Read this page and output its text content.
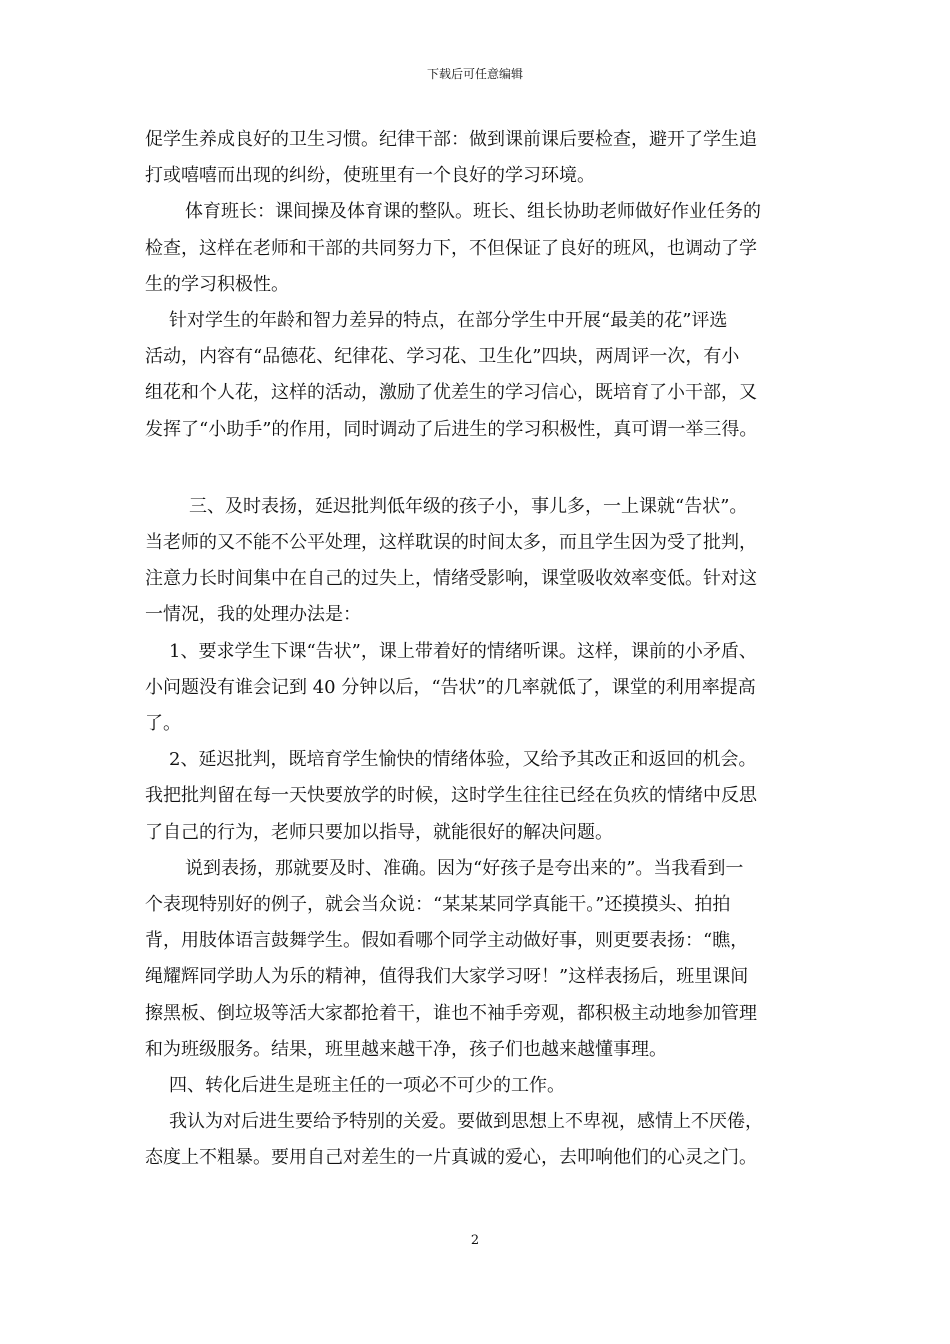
下载后可任意编辑
促学生养成良好的卫生习惯。纪律干部：做到课前课后要检查，避开了学生追
打或嘻嘻而出现的纠纷，使班里有一个良好的学习环境。
体育班长：课间操及体育课的整队。班长、组长协助老师做好作业任务的
检查，这样在老师和干部的共同努力下，不但保证了良好的班风，也调动了学
生的学习积极性。
针对学生的年龄和智力差异的特点，在部分学生中开展“最美的花”评选
活动，内容有“品德花、纪律花、学习花、卫生化”四块，两周评一次，有小
组花和个人花，这样的活动，激励了优差生的学习信心，既培育了小干部，又
发挥了“小助手”的作用，同时调动了后进生的学习积极性，真可谓一举三得。
三、及时表扬，延迟批判低年级的孩子小，事儿多，一上课就“告状”。
当老师的又不能不公平处理，这样耽误的时间太多，而且学生因为受了批判，
注意力长时间集中在自己的过失上，情绪受影响，课堂吸收效率变低。针对这
一情况，我的处理办法是：
1、要求学生下课“告状”，课上带着好的情绪听课。这样，课前的小矛盾、
小问题没有谁会记到 40 分钟以后，“告状”的几率就低了，课堂的利用率提高
了。
2、延迟批判，既培育学生愉快的情绪体验，又给予其改正和返回的机会。
我把批判留在每一天快要放学的时候，这时学生往往已经在负疚的情绪中反思
了自己的行为，老师只要加以指导，就能很好的解决问题。
说到表扬，那就要及时、准确。因为“好孩子是夸出来的”。当我看到一
个表现特别好的例子，就会当众说：“某某某同学真能干。”还摸摸头、拍拍
背，用肢体语言鼓舞学生。假如看哪个同学主动做好事，则更要表扬：“瞧，
绳耀辉同学助人为乐的精神，值得我们大家学习呀！”这样表扬后，班里课间
擦黑板、倒垃圾等活大家都抢着干，谁也不袖手旁观，都积极主动地参加管理
和为班级服务。结果，班里越来越干净，孩子们也越来越懂事理。
四、转化后进生是班主任的一项必不可少的工作。
我认为对后进生要给予特别的关爱。要做到思想上不卑视，感情上不厌倦，
态度上不粗暴。要用自己对差生的一片真诚的爱心，去叩响他们的心灵之门。
2
